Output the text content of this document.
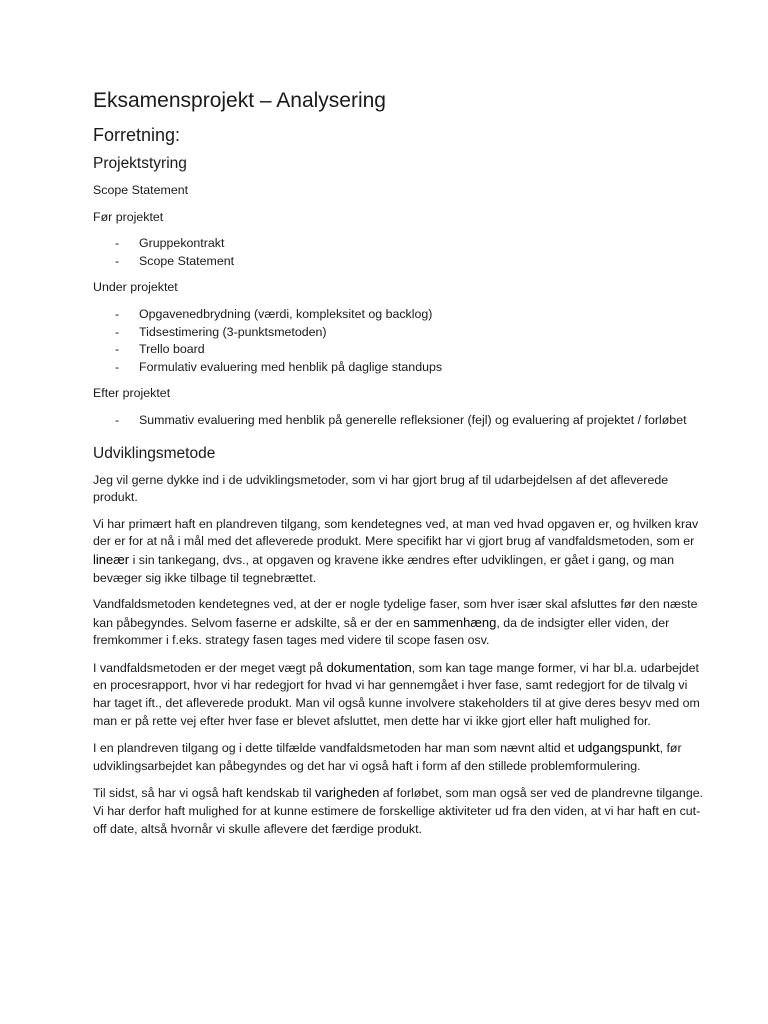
Eksamensprojekt – Analysering
Forretning:
Projektstyring

Scope Statement

Før projektet

- Gruppekontrakt
- Scope Statement

Under projektet

- Opgavenedbrydning (værdi, kompleksitet og backlog)
- Tidsestimering (3-punktsmetoden)
- Trello board
- Formulativ evaluering med henblik på daglige standups

Efter projektet

- Summativ evaluering med henblik på generelle refleksioner (fejl) og evaluering af projektet / forløbet
Udviklingsmetode

Jeg vil gerne dykke ind i de udviklingsmetoder, som vi har gjort brug af til udarbejdelsen af det afleverede produkt.

Vi har primært haft en plandreven tilgang, som kendetegnes ved, at man ved hvad opgaven er, og hvilken krav der er for at nå i mål med det afleverede produkt. Mere specifikt har vi gjort brug af vandfaldsmetoden, som er lineær i sin tankegang, dvs., at opgaven og kravene ikke ændres efter udviklingen, er gået i gang, og man bevæger sig ikke tilbage til tegnebrættet.

Vandfaldsmetoden kendetegnes ved, at der er nogle tydelige faser, som hver især skal afsluttes før den næste kan påbegyndes. Selvom faserne er adskilte, så er der en sammenhæng, da de indsigter eller viden, der fremkommer i f.eks. strategy fasen tages med videre til scope fasen osv.

I vandfaldsmetoden er der meget vægt på dokumentation, som kan tage mange former, vi har bl.a. udarbejdet en procesrapport, hvor vi har redegjort for hvad vi har gennemgået i hver fase, samt redegjort for de tilvalg vi har taget ift., det afleverede produkt. Man vil også kunne involvere stakeholders til at give deres besyv med om man er på rette vej efter hver fase er blevet afsluttet, men dette har vi ikke gjort eller haft mulighed for.

I en plandreven tilgang og i dette tilfælde vandfaldsmetoden har man som nævnt altid et udgangspunkt, før udviklingsarbejdet kan påbegyndes og det har vi også haft i form af den stillede problemformulering.

Til sidst, så har vi også haft kendskab til varigheden af forløbet, som man også ser ved de plandrevne tilgange. Vi har derfor haft mulighed for at kunne estimere de forskellige aktiviteter ud fra den viden, at vi har haft en cut-off date, altså hvornår vi skulle aflevere det færdige produkt.
